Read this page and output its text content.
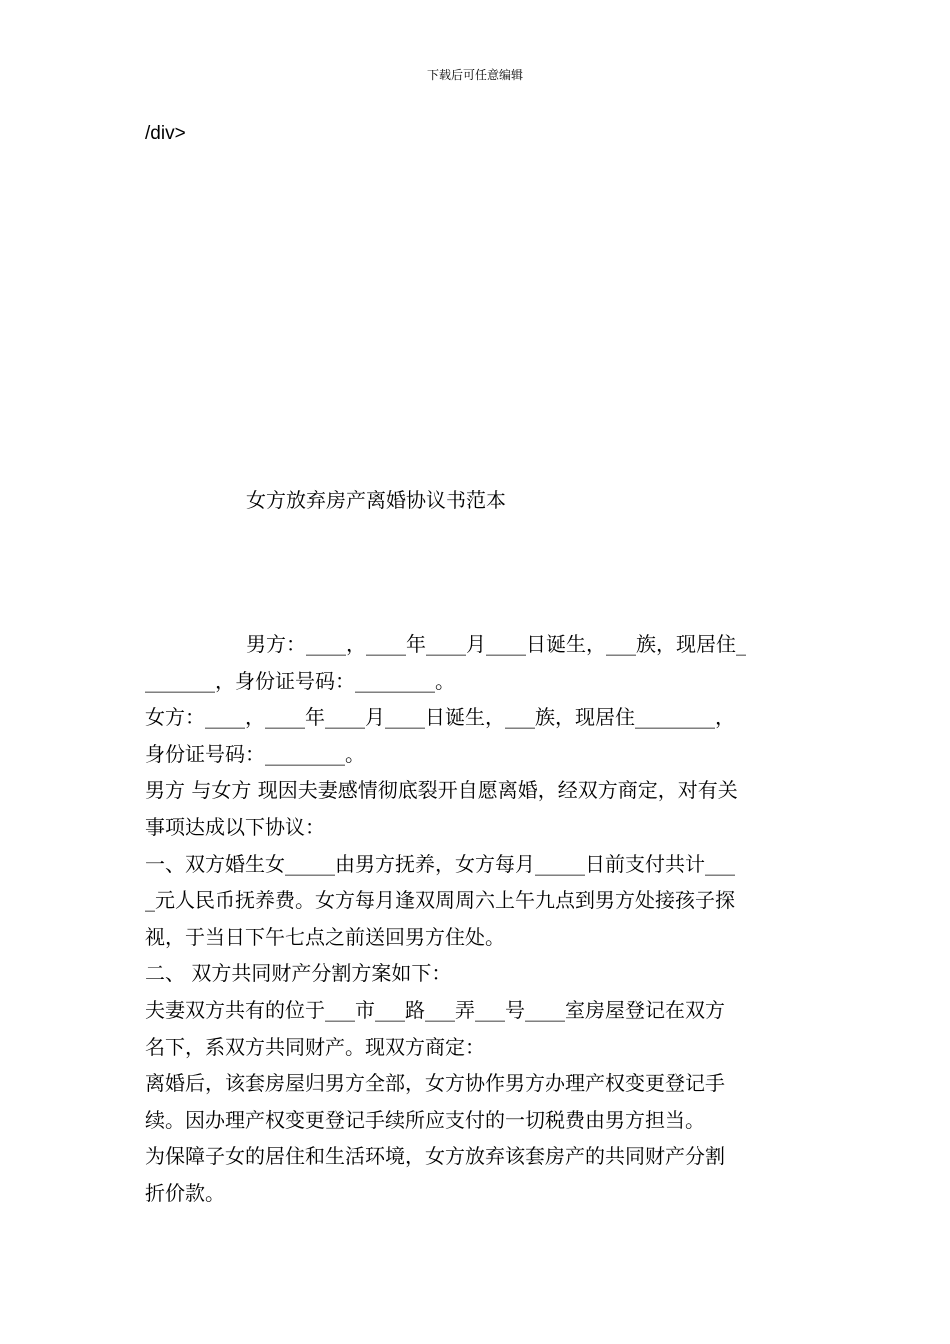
下载后可任意编辑
/div>
女方放弃房产离婚协议书范本

男方：____，____年____月____日诞生，___族，现居住_

_______，身份证号码：________。

女方：____，____年____月____日诞生，___族，现居住________，

身份证号码：________。

男方 与女方 现因夫妻感情彻底裂开自愿离婚，经双方商定，对有关

事项达成以下协议：

一、双方婚生女_____由男方抚养，女方每月_____日前支付共计___

_元人民币抚养费。女方每月逢双周周六上午九点到男方处接孩子探

视，于当日下午七点之前送回男方住处。

二、 双方共同财产分割方案如下：

夫妻双方共有的位于___市___路___弄___号____室房屋登记在双方

名下，系双方共同财产。现双方商定：

离婚后，该套房屋归男方全部，女方协作男方办理产权变更登记手

续。因办理产权变更登记手续所应支付的一切税费由男方担当。

为保障子女的居住和生活环境，女方放弃该套房产的共同财产分割

折价款。
